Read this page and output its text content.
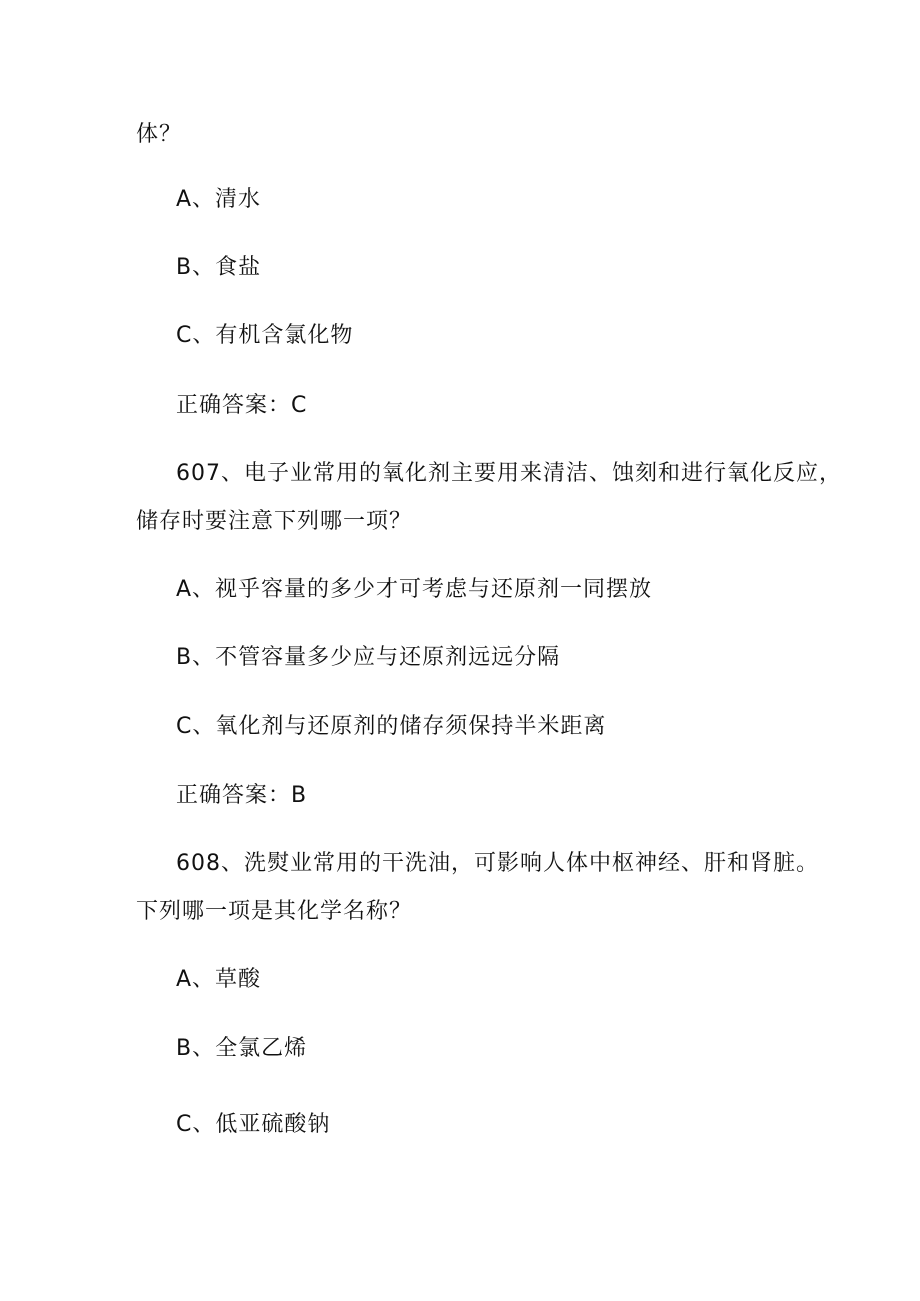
体？
A、清水
B、食盐
C、有机含氯化物
正确答案：C
607、电子业常用的氧化剂主要用来清洁、蚀刻和进行氧化反应，
储存时要注意下列哪一项？
A、视乎容量的多少才可考虑与还原剂一同摆放
B、不管容量多少应与还原剂远远分隔
C、氧化剂与还原剂的储存须保持半米距离
正确答案：B
608、洗熨业常用的干洗油，可影响人体中枢神经、肝和肾脏。
下列哪一项是其化学名称？
A、草酸
B、全氯乙烯
C、低亚硫酸钠
